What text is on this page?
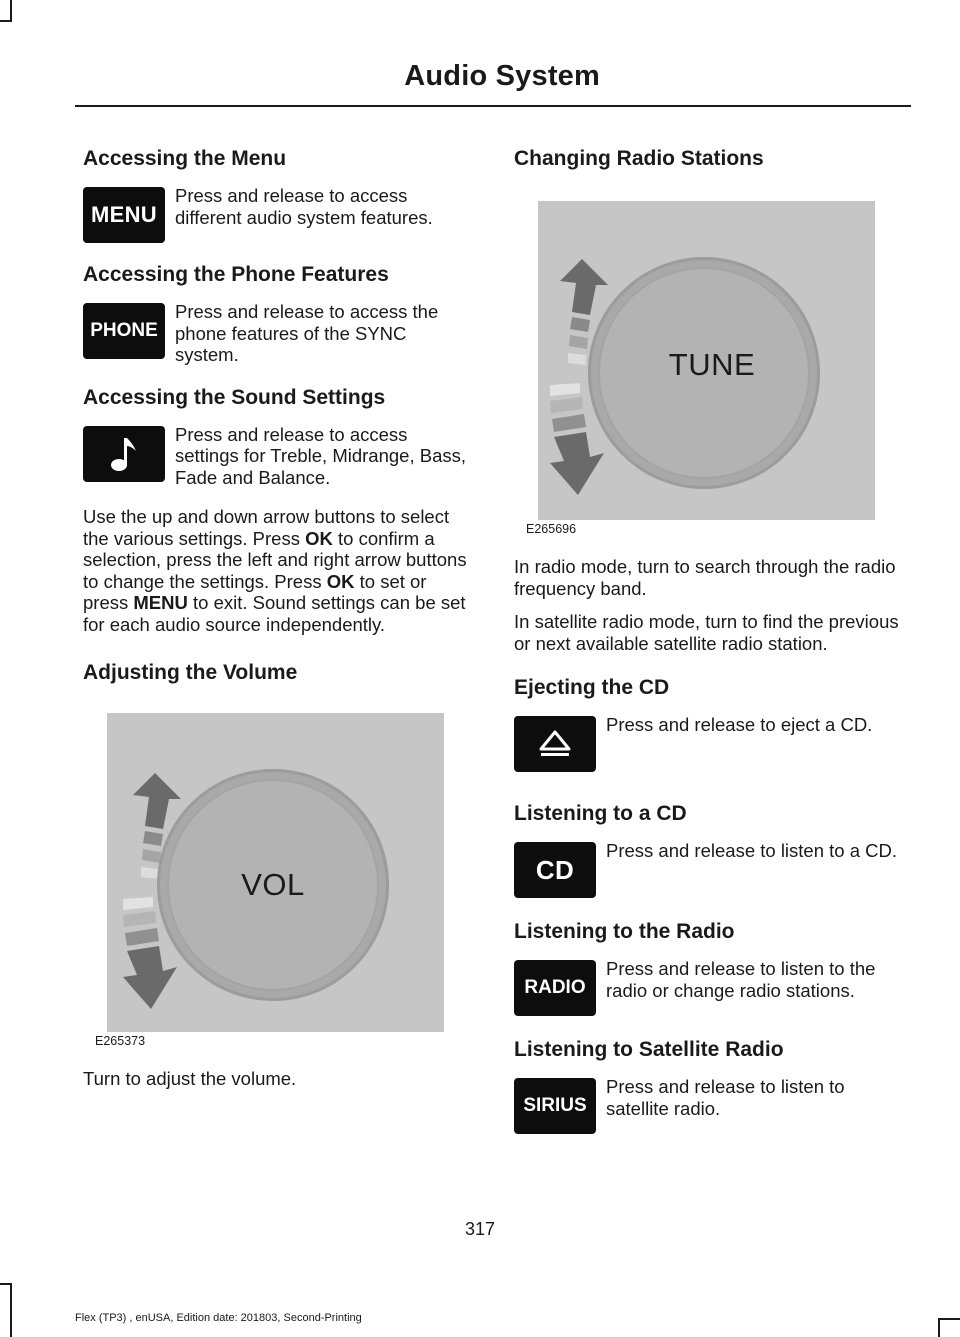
Audio System
Accessing the Menu
MENU
Press and release to access different audio system features.
Accessing the Phone Features
PHONE
Press and release to access the phone features of the SYNC system.
Accessing the Sound Settings
Press and release to access settings for Treble, Midrange, Bass, Fade and Balance.

Use the up and down arrow buttons to select the various settings. Press OK to confirm a selection, press the left and right arrow buttons to change the settings. Press OK to set or press MENU to exit. Sound settings can be set for each audio source independently.

Adjusting the Volume
VOL
E265373

Turn to adjust the volume.

Changing Radio Stations
TUNE
E265696

In radio mode, turn to search through the radio frequency band.

In satellite radio mode, turn to find the previous or next available satellite radio station.

Ejecting the CD
Press and release to eject a CD.
Listening to a CD
CD
Press and release to listen to a CD.
Listening to the Radio
RADIO
Press and release to listen to the radio or change radio stations.
Listening to Satellite Radio
SIRIUS
Press and release to listen to satellite radio.
317
Flex (TP3) , enUSA, Edition date: 201803, Second-Printing
